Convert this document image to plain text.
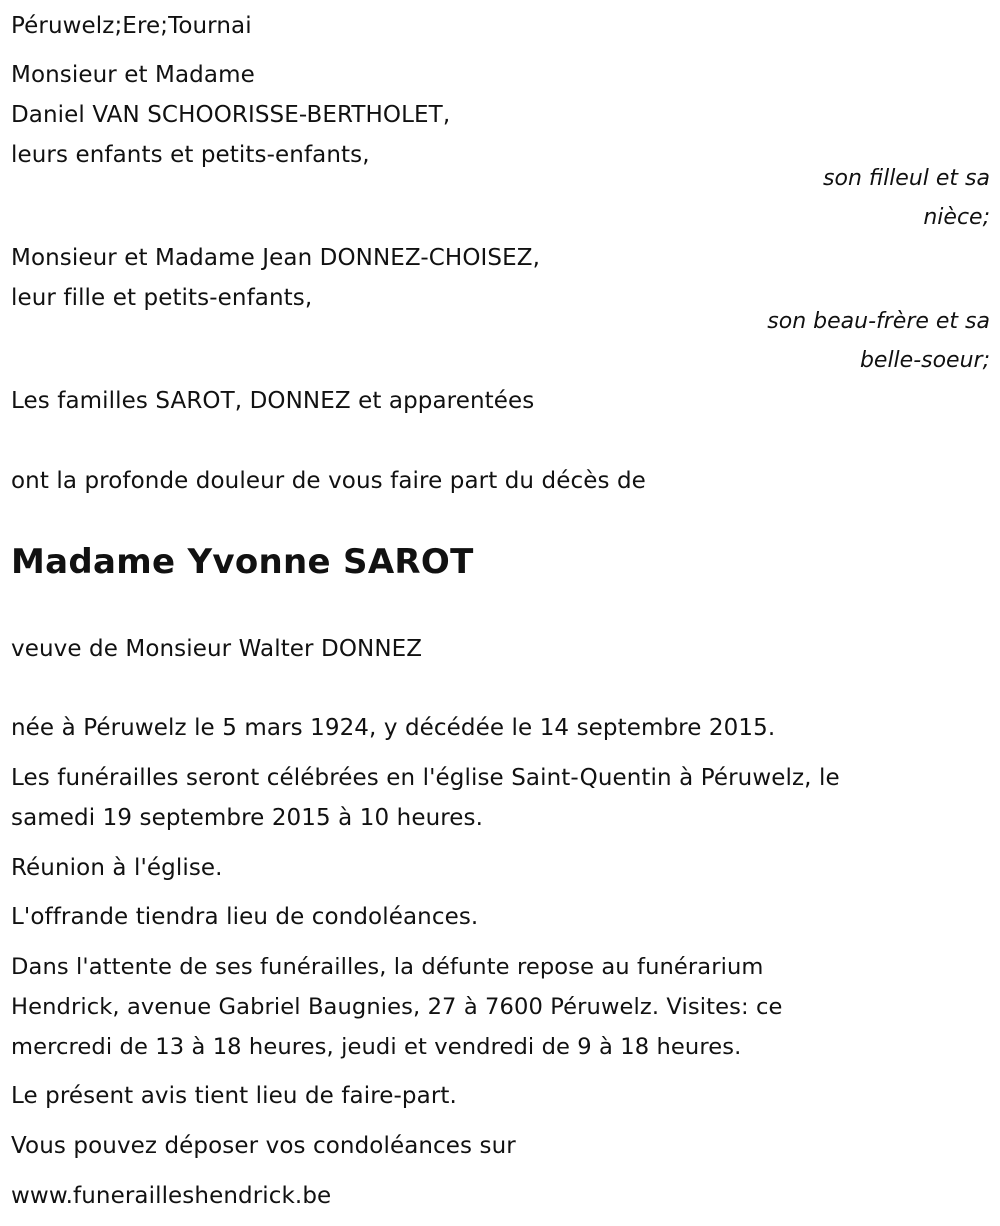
Péruwelz;Ere;Tournai
Monsieur et Madame
Daniel VAN SCHOORISSE-BERTHOLET,
leurs enfants et petits-enfants,
son filleul et sa
nièce;
Monsieur et Madame Jean DONNEZ-CHOISEZ,
leur fille et petits-enfants,
son beau-frère et sa
belle-soeur;
Les familles SAROT, DONNEZ et apparentées
ont la profonde douleur de vous faire part du décès de
Madame Yvonne SAROT
veuve de Monsieur Walter DONNEZ
née à Péruwelz le 5 mars 1924, y décédée le 14 septembre 2015.
Les funérailles seront célébrées en l'église Saint-Quentin à Péruwelz, le
samedi 19 septembre 2015 à 10 heures.
Réunion à l'église.
L'offrande tiendra lieu de condoléances.
Dans l'attente de ses funérailles, la défunte repose au funérarium
Hendrick, avenue Gabriel Baugnies, 27 à 7600 Péruwelz. Visites: ce
mercredi de 13 à 18 heures, jeudi et vendredi de 9 à 18 heures.
Le présent avis tient lieu de faire-part.
Vous pouvez déposer vos condoléances sur
www.funerailleshendrick.be
